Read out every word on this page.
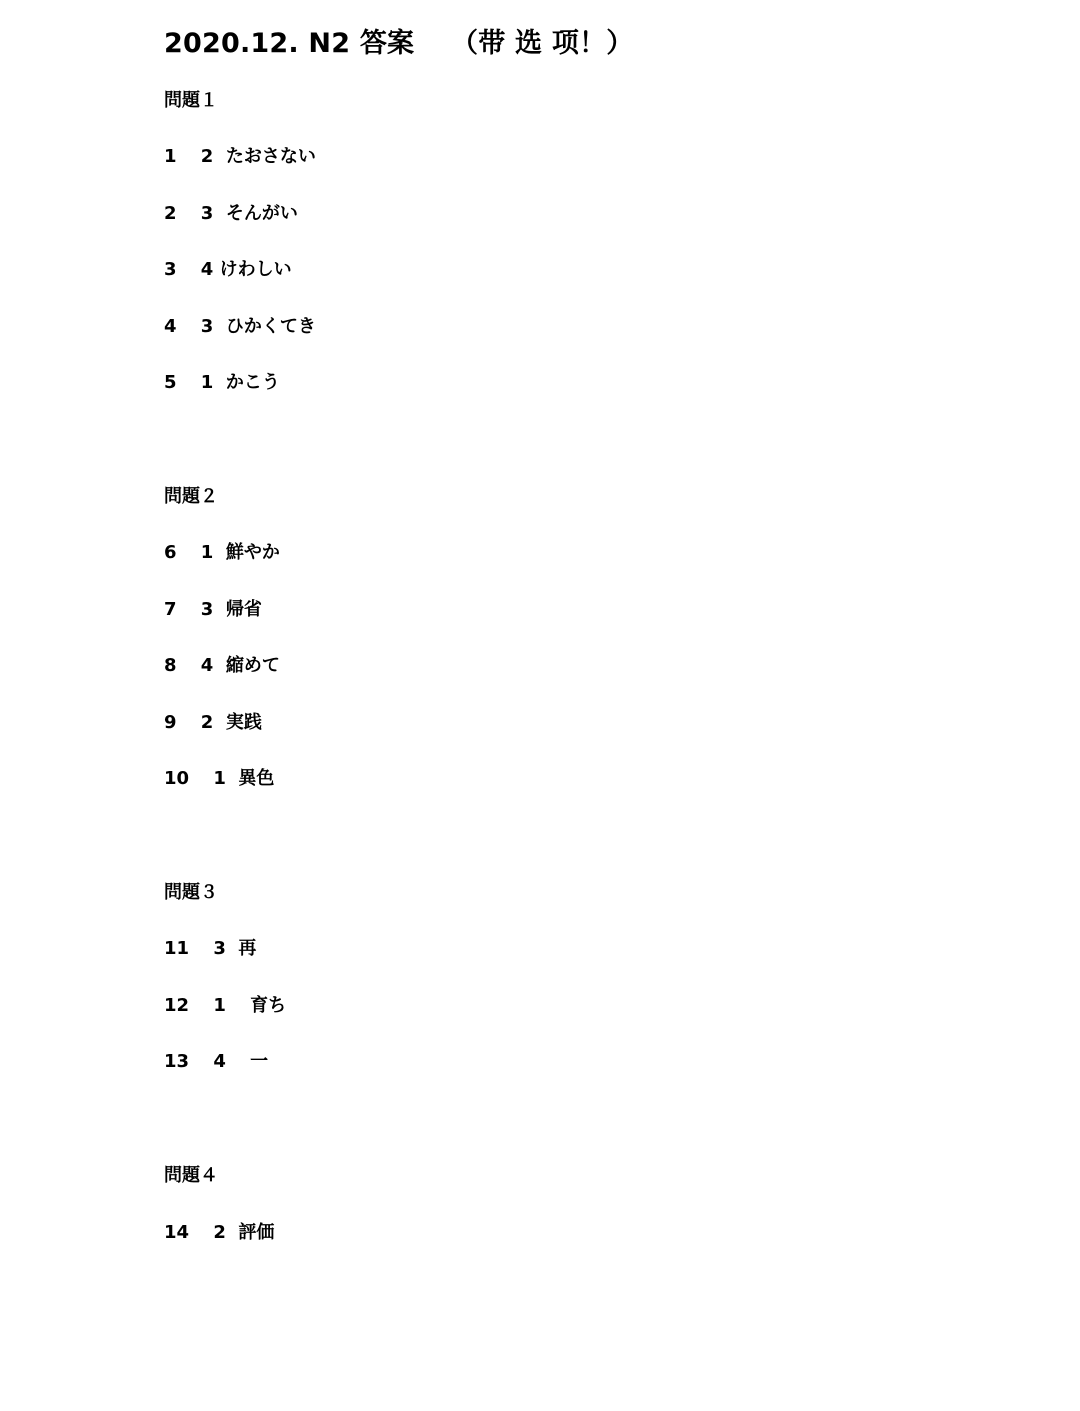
2020.12. N2 答案　 （带 选 项！）
問題１
1　 2  たおさない
2　 3  そんがい
3　 4 けわしい
4　 3  ひかくてき
5　 1  かこう
問題２
6　 1  鮮やか
7　 3  帰省
8　 4  縮めて
9　 2  実践
10　 1  異色
問題３
11　 3  再
12　 1 　育ち
13　 4 　一
問題４
14　 2  評価
